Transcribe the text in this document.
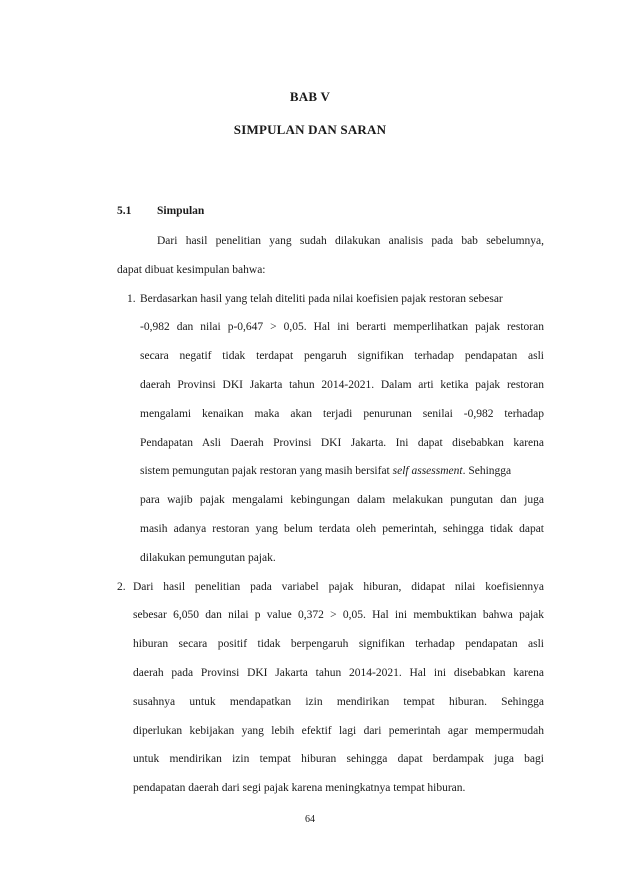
BAB V
SIMPULAN DAN SARAN
5.1 Simpulan
Dari hasil penelitian yang sudah dilakukan analisis pada bab sebelumnya,
dapat dibuat kesimpulan bahwa:
1. Berdasarkan hasil yang telah diteliti pada nilai koefisien pajak restoran sebesar
-0,982 dan nilai p-0,647 > 0,05. Hal ini berarti memperlihatkan pajak restoran
secara negatif tidak terdapat pengaruh signifikan terhadap pendapatan asli
daerah Provinsi DKI Jakarta tahun 2014-2021. Dalam arti ketika pajak restoran
mengalami kenaikan maka akan terjadi penurunan senilai -0,982 terhadap
Pendapatan Asli Daerah Provinsi DKI Jakarta. Ini dapat disebabkan karena
sistem pemungutan pajak restoran yang masih bersifat self assessment. Sehingga
para wajib pajak mengalami kebingungan dalam melakukan pungutan dan juga
masih adanya restoran yang belum terdata oleh pemerintah, sehingga tidak dapat
dilakukan pemungutan pajak.
2. Dari hasil penelitian pada variabel pajak hiburan, didapat nilai koefisiennya
sebesar 6,050 dan nilai p value 0,372 > 0,05. Hal ini membuktikan bahwa pajak
hiburan secara positif tidak berpengaruh signifikan terhadap pendapatan asli
daerah pada Provinsi DKI Jakarta tahun 2014-2021. Hal ini disebabkan karena
susahnya untuk mendapatkan izin mendirikan tempat hiburan. Sehingga
diperlukan kebijakan yang lebih efektif lagi dari pemerintah agar mempermudah
untuk mendirikan izin tempat hiburan sehingga dapat berdampak juga bagi
pendapatan daerah dari segi pajak karena meningkatnya tempat hiburan.
64
